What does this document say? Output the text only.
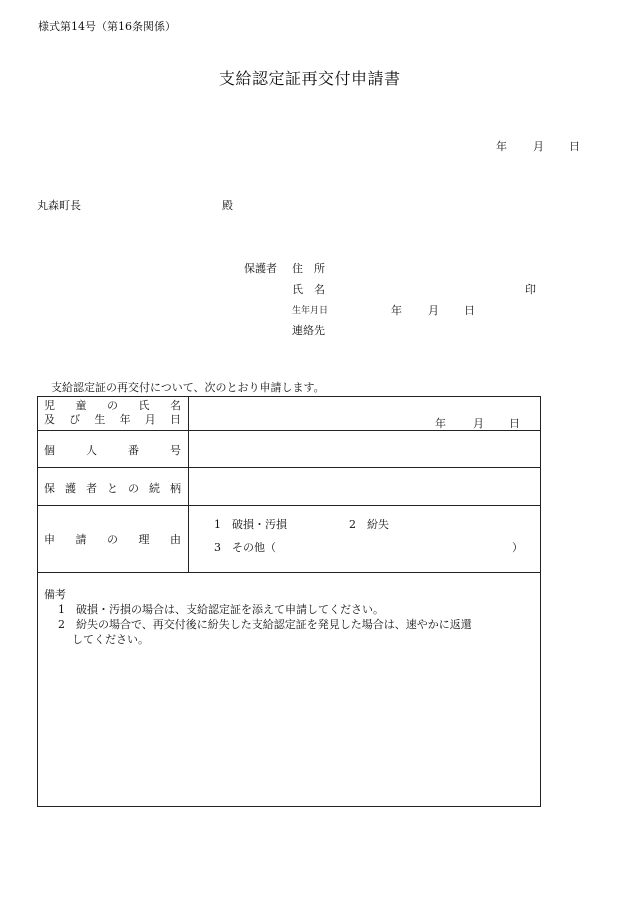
様式第14号（第16条関係）
支給認定証再交付申請書
年 月 日
丸森町長	殿
保護者 住　所
氏　名	印
生年月日	年 月 日
連絡先
支給認定証の再交付について、次のとおり申請します。
児 童 の 氏 名
及 び 生 年 月 日	年 月 日
個	人	番	号
保 護 者 と の 続 柄
申 請 の 理 由
1　破損・汚損	2　紛失
3　その他（	）
備考
1　破損・汚損の場合は、支給認定証を添えて申請してください。
2　紛失の場合で、再交付後に紛失した支給認定証を発見した場合は、速やかに返還
してください。
